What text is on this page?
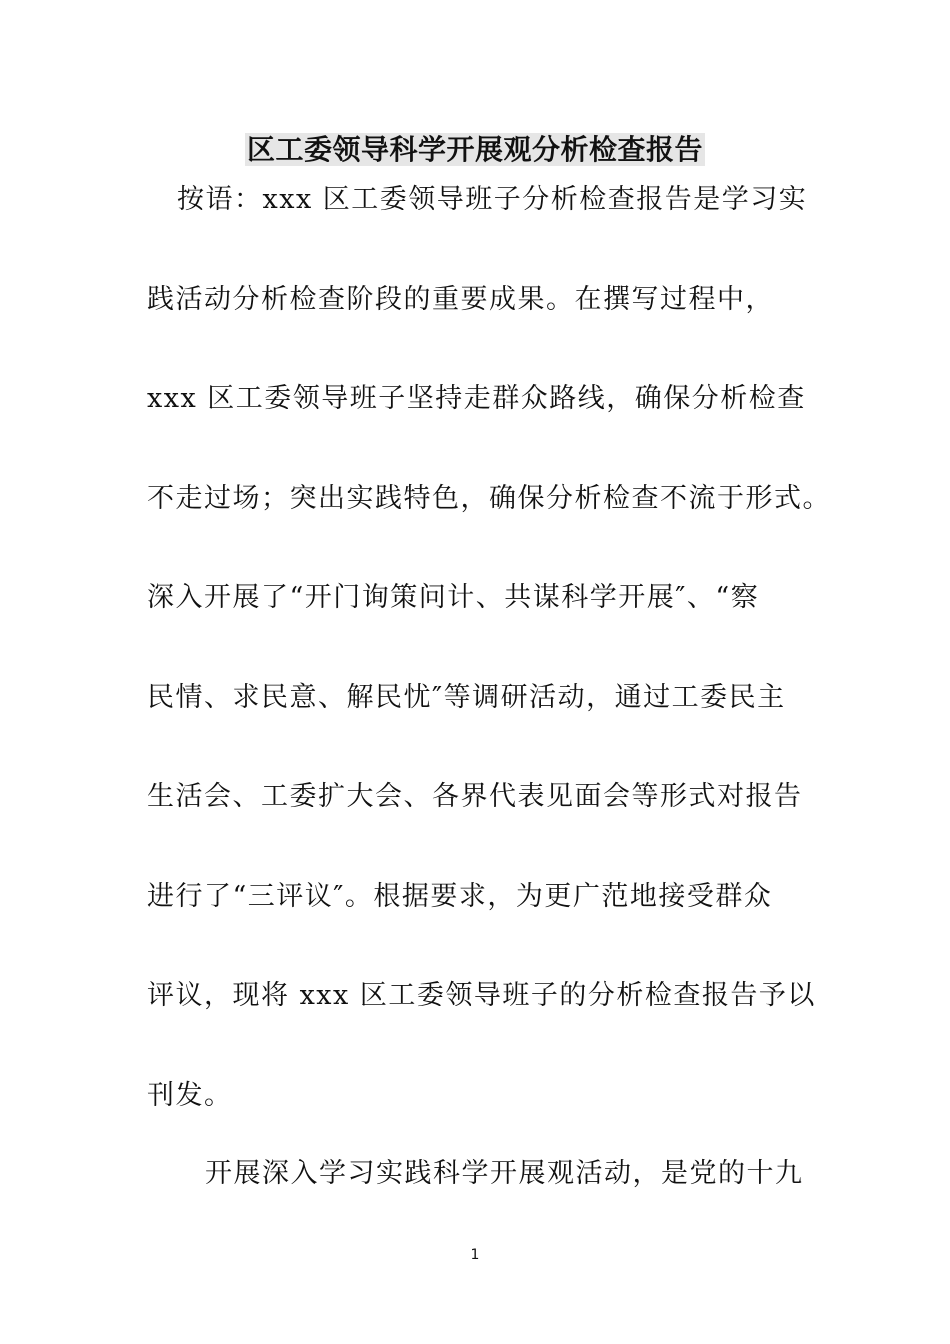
区工委领导科学开展观分析检查报告
按语：xxx 区工委领导班子分析检查报告是学习实
践活动分析检查阶段的重要成果。在撰写过程中，
xxx 区工委领导班子坚持走群众路线，确保分析检查
不走过场；突出实践特色，确保分析检查不流于形式。
深入开展了“开门询策问计、共谋科学开展″、“察
民情、求民意、解民忧″等调研活动，通过工委民主
生活会、工委扩大会、各界代表见面会等形式对报告
进行了“三评议″。根据要求，为更广范地接受群众
评议，现将 xxx 区工委领导班子的分析检查报告予以
刊发。
开展深入学习实践科学开展观活动，是党的十九
1
